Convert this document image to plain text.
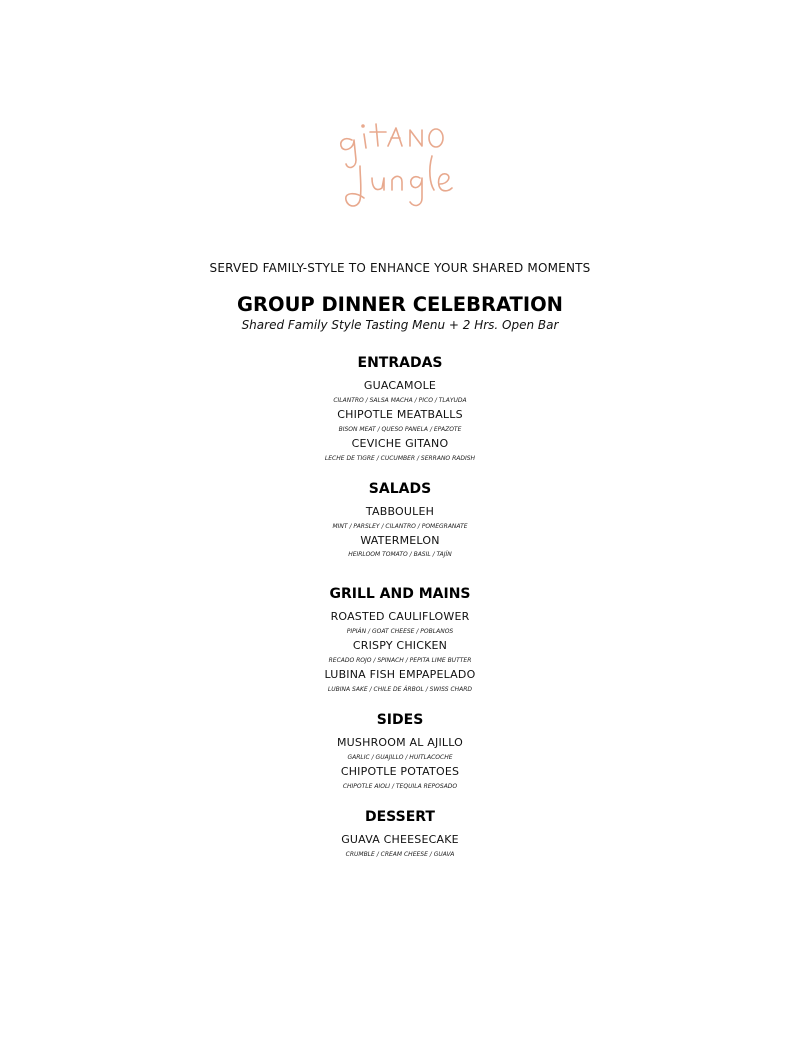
SERVED FAMILY-STYLE TO ENHANCE YOUR SHARED MOMENTS
GROUP DINNER CELEBRATION
Shared Family Style Tasting Menu + 2 Hrs. Open Bar
ENTRADAS
GUACAMOLE
CILANTRO / SALSA MACHA / PICO / TLAYUDA
CHIPOTLE MEATBALLS
BISON MEAT / QUESO PANELA / EPAZOTE
CEVICHE GITANO
LECHE DE TIGRE / CUCUMBER / SERRANO RADISH
SALADS
TABBOULEH
MINT / PARSLEY / CILANTRO / POMEGRANATE
WATERMELON
HEIRLOOM TOMATO / BASIL / TAJÍN
GRILL AND MAINS
ROASTED CAULIFLOWER
PIPIÁN / GOAT CHEESE / POBLANOS
CRISPY CHICKEN
RECADO ROJO / SPINACH / PEPITA LIME BUTTER
LUBINA FISH EMPAPELADO
LUBINA SAKE / CHILE DE ÁRBOL / SWISS CHARD
SIDES
MUSHROOM AL AJILLO
GARLIC / GUAJILLO / HUITLACOCHE
CHIPOTLE POTATOES
CHIPOTLE AIOLI / TEQUILA REPOSADO
DESSERT
GUAVA CHEESECAKE
CRUMBLE / CREAM CHEESE / GUAVA
